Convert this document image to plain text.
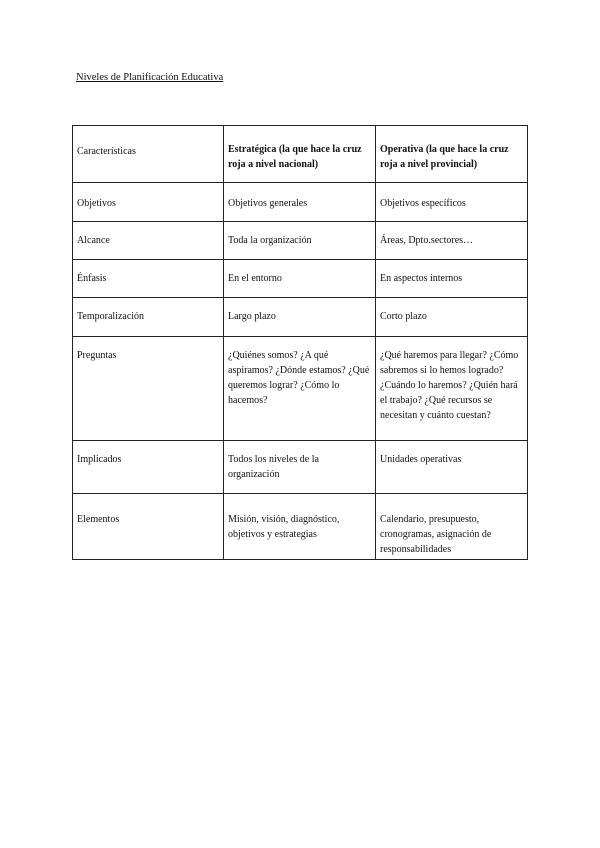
Niveles de Planificación Educativa
Características	Estratégica (la que hace la cruz roja a nivel nacional)	Operativa (la que hace la cruz roja a nivel provincial)

Objetivos	Objetivos generales	Objetivos específicos

Alcance	Toda la organización	Áreas, Dpto.sectores…

Énfasis	En el entorno	En aspectos internos

Temporalización	Largo plazo	Corto plazo

Preguntas	¿Quiénes somos? ¿A qué aspiramos? ¿Dónde estamos? ¿Qué queremos lograr? ¿Cómo lo hacemos?	¿Qué haremos para llegar? ¿Cómo sabremos si lo hemos logrado? ¿Cuándo lo haremos? ¿Quién hará el trabajo? ¿Qué recursos se necesitan y cuánto cuestan?

Implicados	Todos los niveles de la organización	Unidades operativas

Elementos	Misión, visión, diagnóstico, objetivos y estrategias	Calendario, presupuesto, cronogramas, asignación de responsabilidades
